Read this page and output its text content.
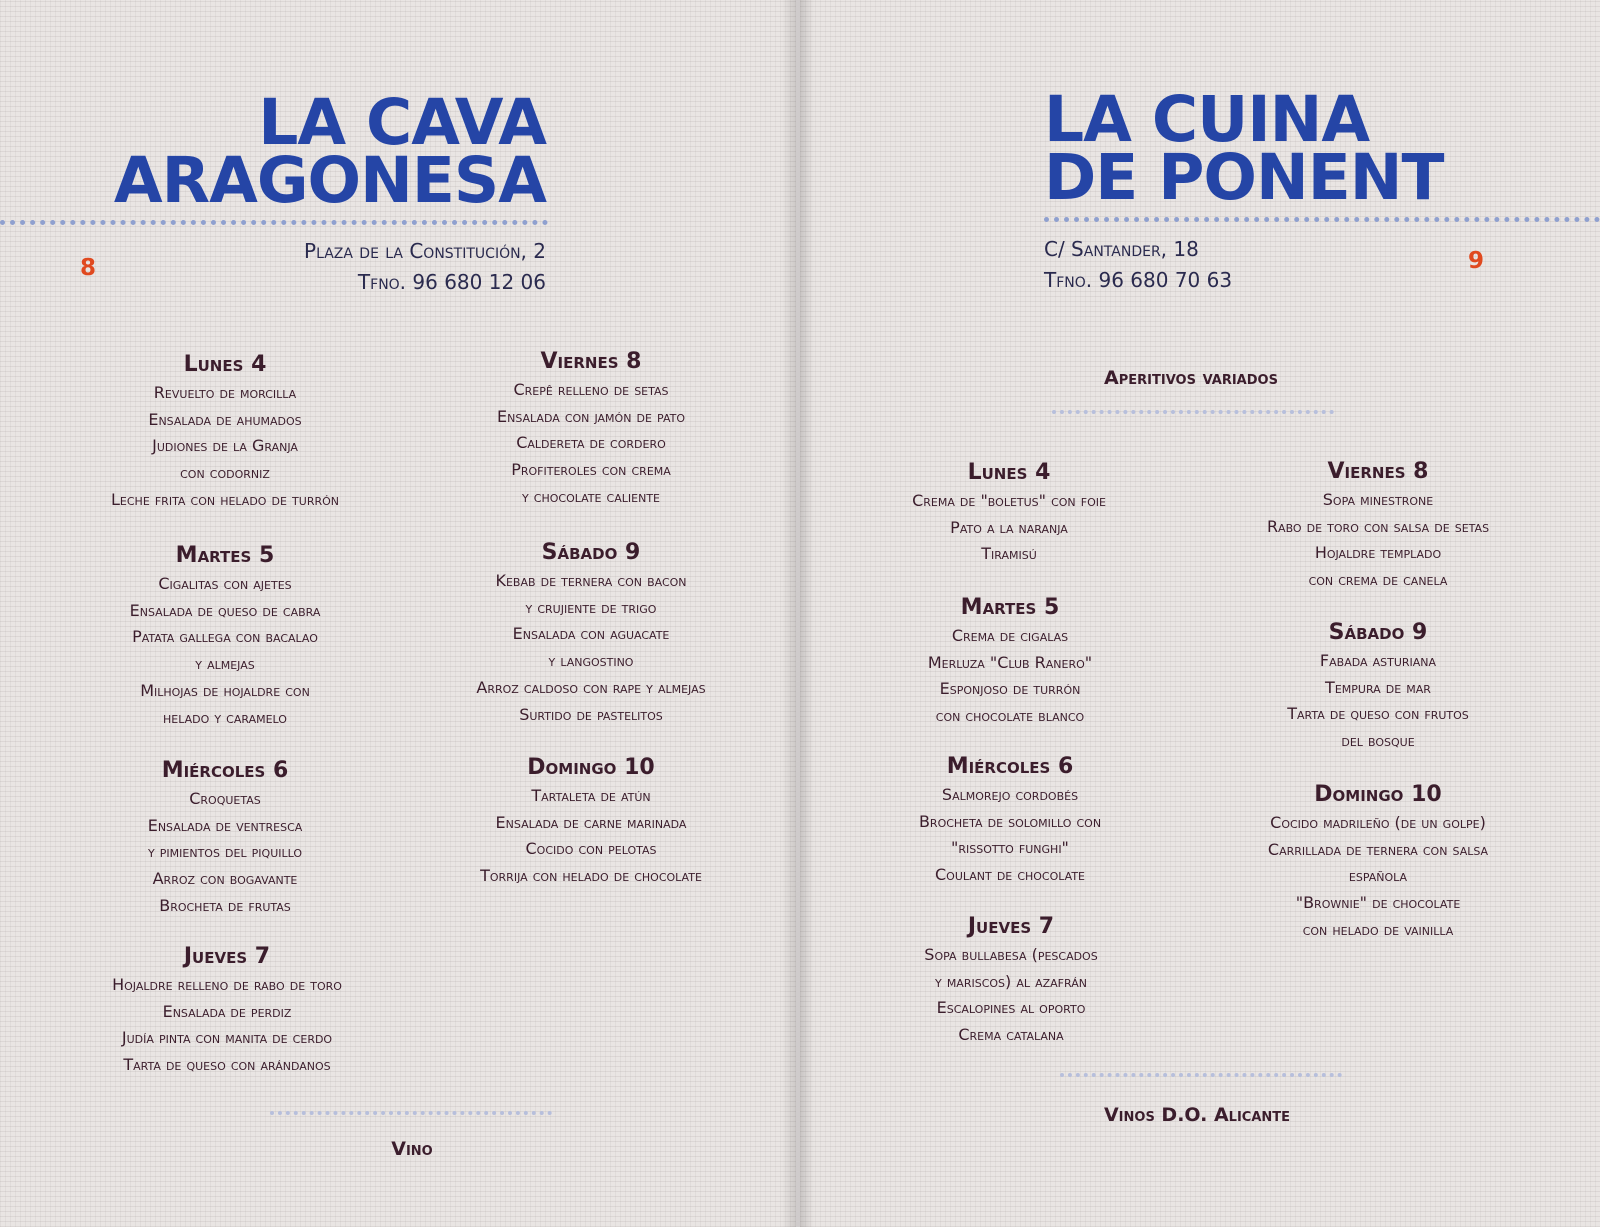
LA CAVA
ARAGONESA
8
Plaza de la Constitución, 2
Tfno. 96 680 12 06
Lunes 4
Revuelto de morcilla
Ensalada de ahumados
Judiones de la Granja
con codorniz
Leche frita con helado de turrón
Martes 5
Cigalitas con ajetes
Ensalada de queso de cabra
Patata gallega con bacalao
y almejas
Milhojas de hojaldre con
helado y caramelo
Miércoles 6
Croquetas
Ensalada de ventresca
y pimientos del piquillo
Arroz con bogavante
Brocheta de frutas
Jueves 7
Hojaldre relleno de rabo de toro
Ensalada de perdiz
Judía pinta con manita de cerdo
Tarta de queso con arándanos
Viernes 8
Crepê relleno de setas
Ensalada con jamón de pato
Caldereta de cordero
Profiteroles con crema
y chocolate caliente
Sábado 9
Kebab de ternera con bacon
y crujiente de trigo
Ensalada con aguacate
y langostino
Arroz caldoso con rape y almejas
Surtido de pastelitos
Domingo 10
Tartaleta de atún
Ensalada de carne marinada
Cocido con pelotas
Torrija con helado de chocolate
Vino
LA CUINA
DE PONENT
C/ Santander, 18
Tfno. 96 680 70 63
9
Aperitivos variados
Lunes 4
Crema de "boletus" con foie
Pato a la naranja
Tiramisú
Martes 5
Crema de cigalas
Merluza "Club Ranero"
Esponjoso de turrón
con chocolate blanco
Miércoles 6
Salmorejo cordobés
Brocheta de solomillo con
"rissotto funghi"
Coulant de chocolate
Jueves 7
Sopa bullabesa (pescados
y mariscos) al azafrán
Escalopines al oporto
Crema catalana
Viernes 8
Sopa minestrone
Rabo de toro con salsa de setas
Hojaldre templado
con crema de canela
Sábado 9
Fabada asturiana
Tempura de mar
Tarta de queso con frutos
del bosque
Domingo 10
Cocido madrileño (de un golpe)
Carrillada de ternera con salsa
española
"Brownie" de chocolate
con helado de vainilla
Vinos D.O. Alicante
